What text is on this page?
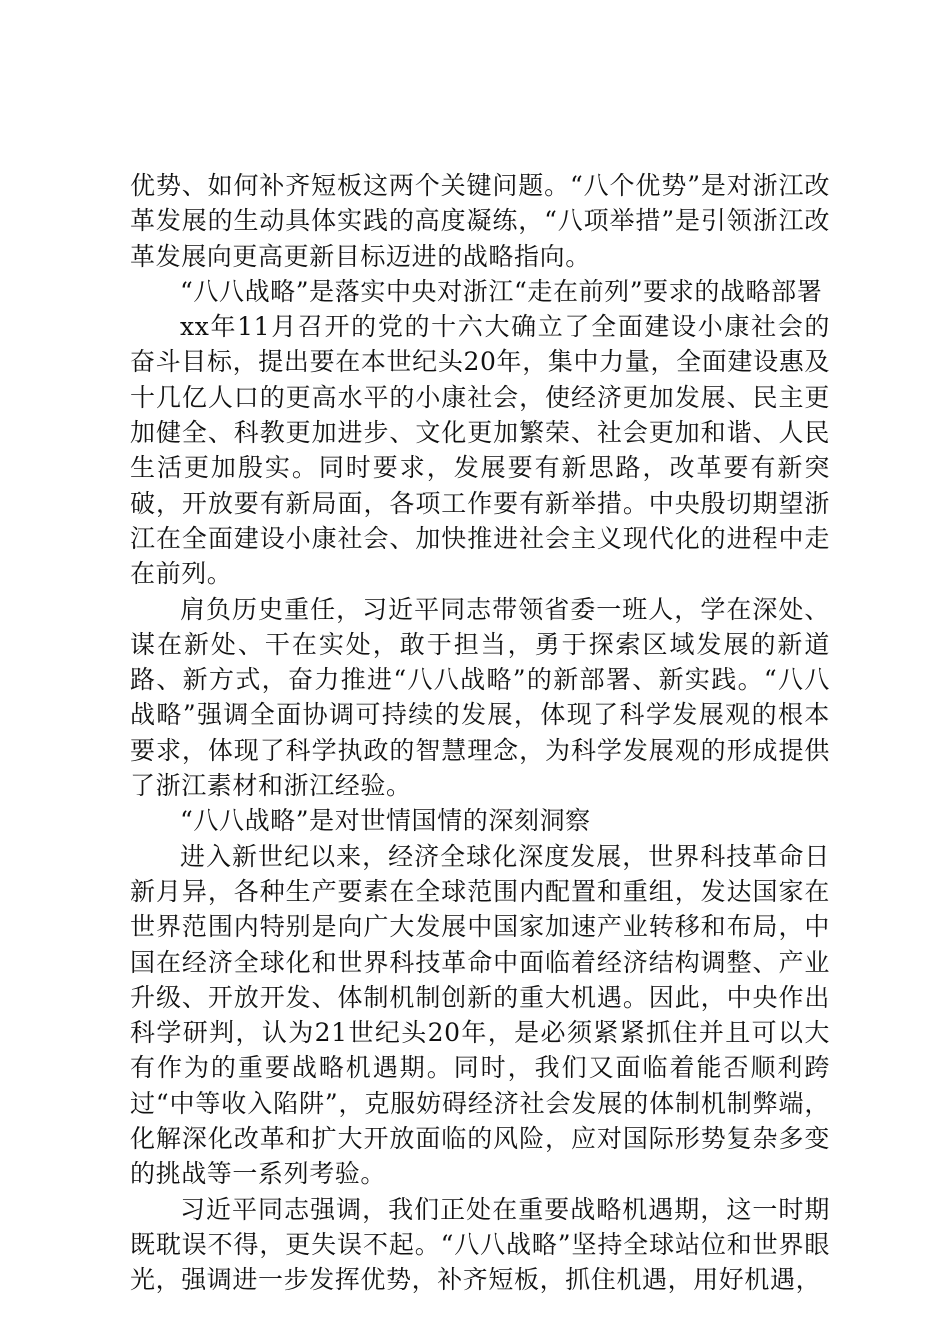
优势、如何补齐短板这两个关键问题。“八个优势”是对浙江改革发展的生动具体实践的高度凝练，“八项举措”是引领浙江改革发展向更高更新目标迈进的战略指向。

“八八战略”是落实中央对浙江“走在前列”要求的战略部署

xx年11月召开的党的十六大确立了全面建设小康社会的奋斗目标，提出要在本世纪头20年，集中力量，全面建设惠及十几亿人口的更高水平的小康社会，使经济更加发展、民主更加健全、科教更加进步、文化更加繁荣、社会更加和谐、人民生活更加殷实。同时要求，发展要有新思路，改革要有新突破，开放要有新局面，各项工作要有新举措。中央殷切期望浙江在全面建设小康社会、加快推进社会主义现代化的进程中走在前列。

肩负历史重任，习近平同志带领省委一班人，学在深处、谋在新处、干在实处，敢于担当，勇于探索区域发展的新道路、新方式，奋力推进“八八战略”的新部署、新实践。“八八战略”强调全面协调可持续的发展，体现了科学发展观的根本要求，体现了科学执政的智慧理念，为科学发展观的形成提供了浙江素材和浙江经验。

“八八战略”是对世情国情的深刻洞察

进入新世纪以来，经济全球化深度发展，世界科技革命日新月异，各种生产要素在全球范围内配置和重组，发达国家在世界范围内特别是向广大发展中国家加速产业转移和布局，中国在经济全球化和世界科技革命中面临着经济结构调整、产业升级、开放开发、体制机制创新的重大机遇。因此，中央作出科学研判，认为21世纪头20年，是必须紧紧抓住并且可以大有作为的重要战略机遇期。同时，我们又面临着能否顺利跨过“中等收入陷阱”，克服妨碍经济社会发展的体制机制弊端，化解深化改革和扩大开放面临的风险，应对国际形势复杂多变的挑战等一系列考验。

习近平同志强调，我们正处在重要战略机遇期，这一时期既耽误不得，更失误不起。“八八战略”坚持全球站位和世界眼光，强调进一步发挥优势，补齐短板，抓住机遇，用好机遇，
